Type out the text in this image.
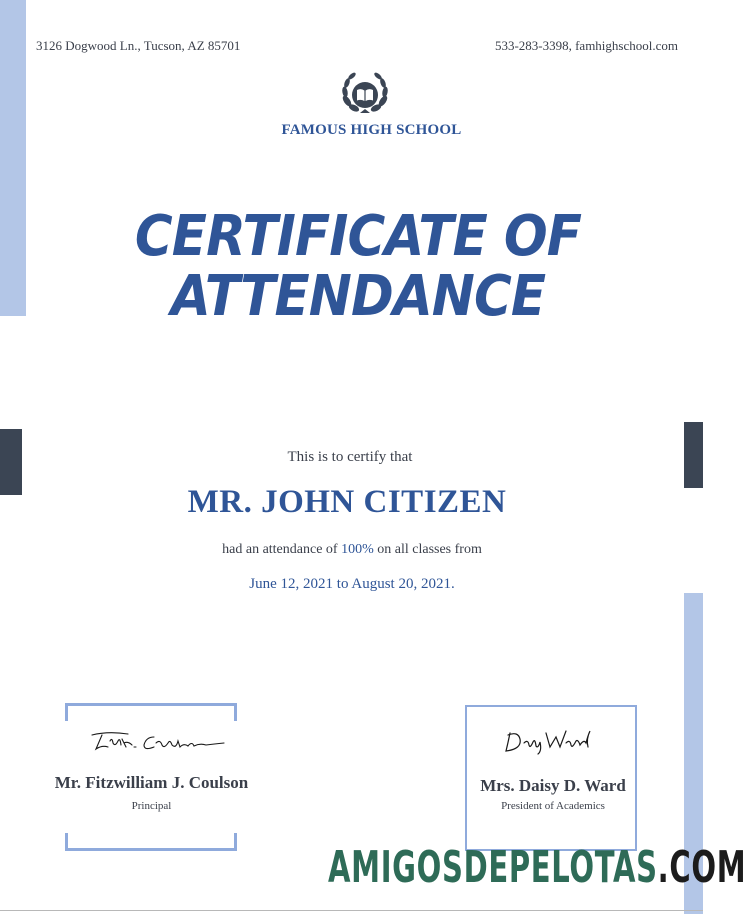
3126 Dogwood Ln., Tucson, AZ 85701	533-283-3398, famhighschool.com
FAMOUS HIGH SCHOOL
CERTIFICATE OF
ATTENDANCE
This is to certify that
MR. JOHN CITIZEN
had an attendance of 100% on all classes from
June 12, 2021 to August 20, 2021.
Mr. Fitzwilliam J. Coulson
Principal
Mrs. Daisy D. Ward
President of Academics
AMIGOSDEPELOTAS.COM
